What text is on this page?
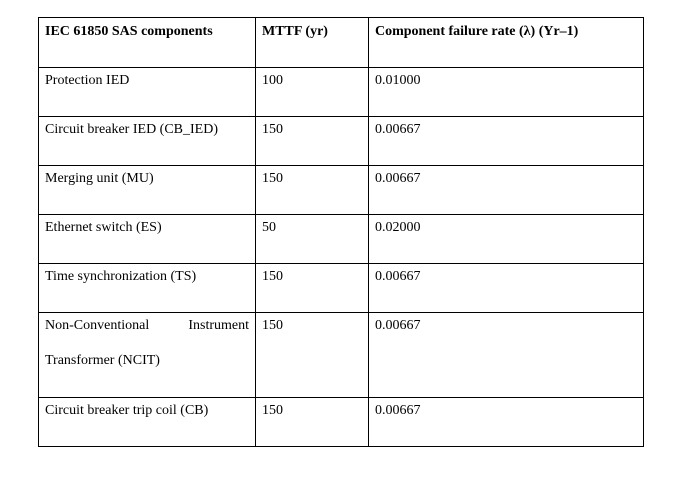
IEC 61850 SAS components	MTTF (yr)	Component failure rate (λ) (Yr–1)
Protection IED	100	0.01000
Circuit breaker IED (CB_IED)	150	0.00667
Merging unit (MU)	150	0.00667
Ethernet switch (ES)	50	0.02000
Time synchronization (TS)	150	0.00667

Non-Conventional Instrument
Transformer (NCIT)	150	0.00667
Circuit breaker trip coil (CB)	150	0.00667
